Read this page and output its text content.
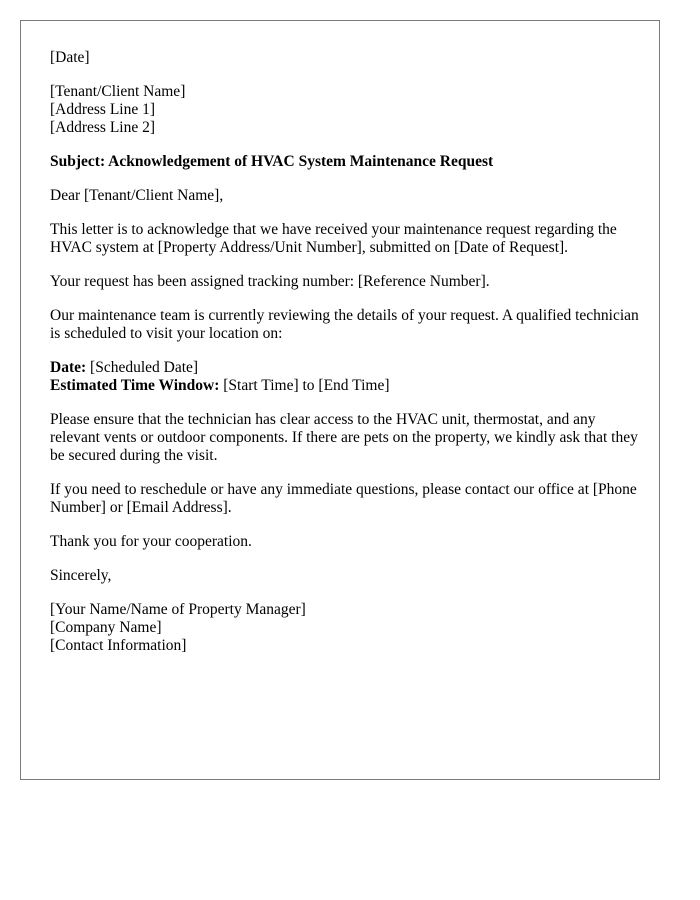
[Date]
[Tenant/Client Name]
[Address Line 1]
[Address Line 2]
Subject: Acknowledgement of HVAC System Maintenance Request
Dear [Tenant/Client Name],
This letter is to acknowledge that we have received your maintenance request regarding the HVAC system at [Property Address/Unit Number], submitted on [Date of Request].
Your request has been assigned tracking number: [Reference Number].
Our maintenance team is currently reviewing the details of your request. A qualified technician is scheduled to visit your location on:
Date: [Scheduled Date]
Estimated Time Window: [Start Time] to [End Time]
Please ensure that the technician has clear access to the HVAC unit, thermostat, and any relevant vents or outdoor components. If there are pets on the property, we kindly ask that they be secured during the visit.
If you need to reschedule or have any immediate questions, please contact our office at [Phone Number] or [Email Address].
Thank you for your cooperation.
Sincerely,
[Your Name/Name of Property Manager]
[Company Name]
[Contact Information]
